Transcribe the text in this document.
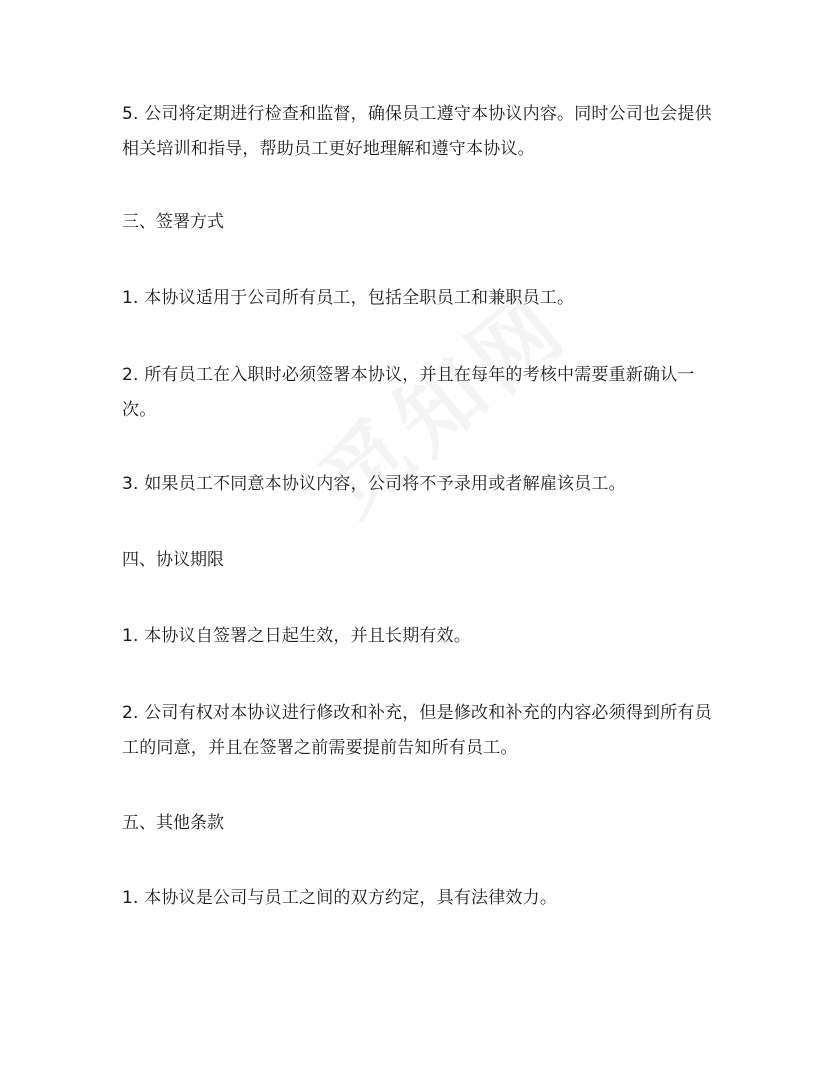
5. 公司将定期进行检查和监督，确保员工遵守本协议内容。同时公司也会提供相关培训和指导，帮助员工更好地理解和遵守本协议。
三、签署方式
1. 本协议适用于公司所有员工，包括全职员工和兼职员工。
2. 所有员工在入职时必须签署本协议，并且在每年的考核中需要重新确认一次。
3. 如果员工不同意本协议内容，公司将不予录用或者解雇该员工。
四、协议期限
1. 本协议自签署之日起生效，并且长期有效。
2. 公司有权对本协议进行修改和补充，但是修改和补充的内容必须得到所有员工的同意，并且在签署之前需要提前告知所有员工。
五、其他条款
1. 本协议是公司与员工之间的双方约定，具有法律效力。
